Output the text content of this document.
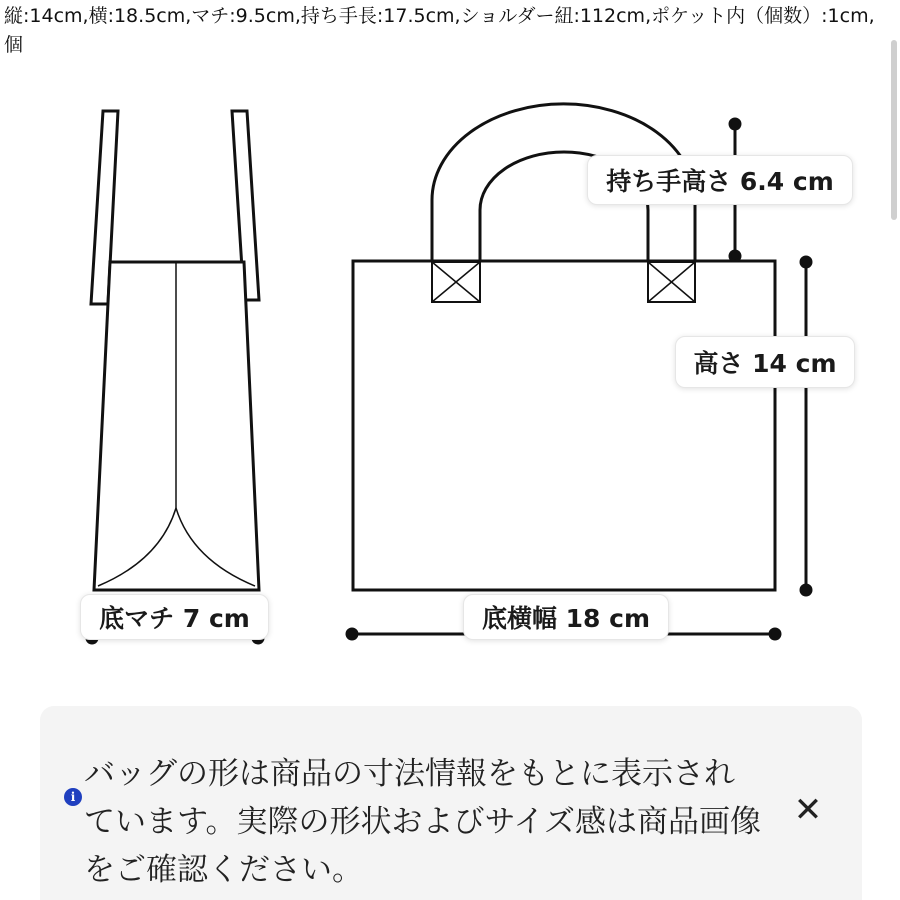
縦:14cm,横:18.5cm,マチ:9.5cm,持ち手長:17.5cm,ショルダー紐:112cm,ポケット内（個数）:1cm,個
持ち手高さ 6.4 cm
高さ 14 cm
底マチ 7 cm	底横幅 18 cm
i
バッグの形は商品の寸法情報をもとに表示されています。実際の形状およびサイズ感は商品画像をご確認ください。
✕
